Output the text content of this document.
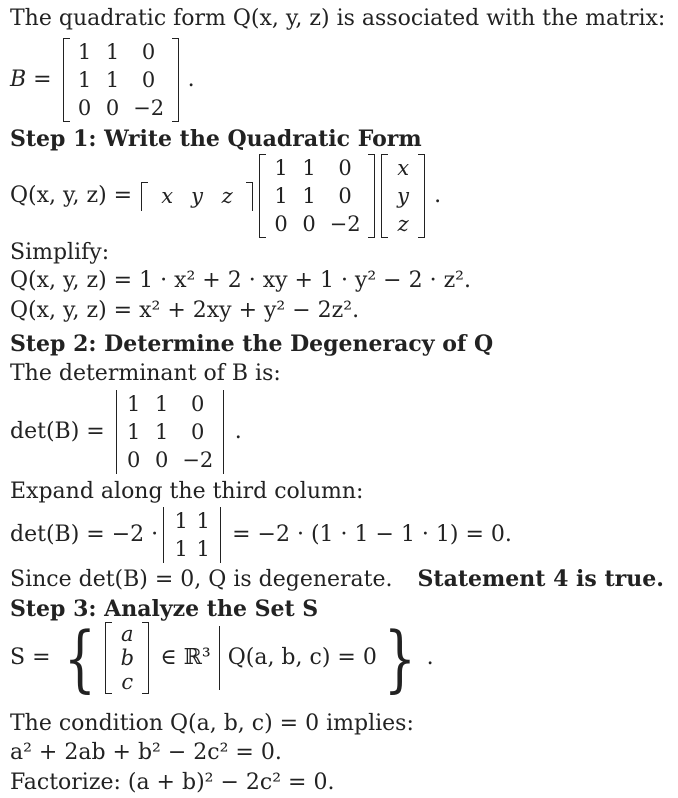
The quadratic form Q(x, y, z) is associated with the matrix:
B =
1 1	0
1 1	0
0 0 −2
.
Step 1: Write the Quadratic Form
Q(x, y, z) =	x y z
1 1	0
1 1	0
0 0 −2
x
y
z
.
Simplify:
Q(x, y, z) = 1 · x² + 2 · xy + 1 · y² − 2 · z².
Q(x, y, z) = x² + 2xy + y² − 2z².
Step 2: Determine the Degeneracy of Q
The determinant of B is:
det(B) =
1 1	0
1 1	0
0 0 −2
.
Expand along the third column:
det(B) = −2 ·
1 1
1 1
= −2 · (1 · 1 − 1 · 1) = 0.
Since det(B) = 0, Q is degenerate. Statement 4 is true.
Step 3: Analyze the Set S
S = { a
b
c
∈ ℝ³ Q(a, b, c) = 0 } .
The condition Q(a, b, c) = 0 implies:
a² + 2ab + b² − 2c² = 0.
Factorize: (a + b)² − 2c² = 0.
